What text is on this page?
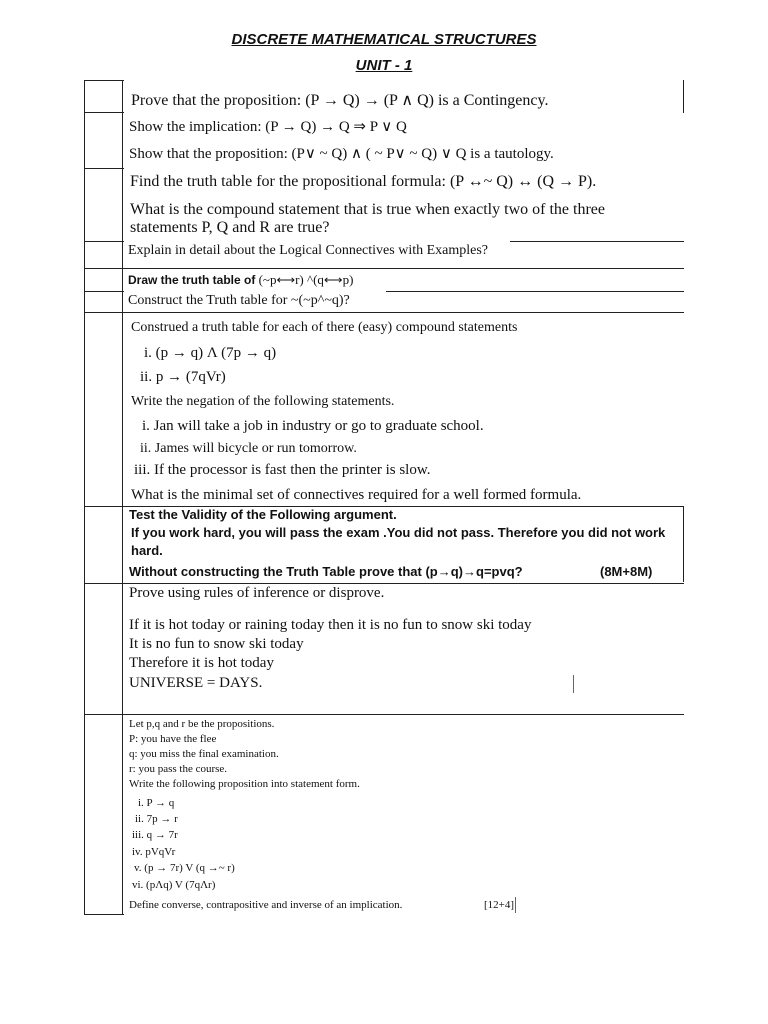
DISCRETE MATHEMATICAL STRUCTURES
UNIT - 1
Prove that the proposition: (P → Q) → (P ∧ Q) is a Contingency.
Show the implication: (P → Q) → Q ⇒ P ∨ Q
Show that the proposition: (P∨ ~ Q) ∧ ( ~ P∨ ~ Q) ∨ Q is a tautology.
Find the truth table for the propositional formula: (P ↔~ Q) ↔ (Q → P).
What is the compound statement that is true when exactly two of the three
statements P, Q and R are true?
Explain in detail about the Logical Connectives with Examples?
Draw the truth table of (~p⟷r) ^(q⟷p)
Construct the Truth table for ~(~p^~q)?
Construed a truth table for each of there (easy) compound statements
i. (p → q) Λ (7p → q)
ii. p → (7qVr)
Write the negation of the following statements.
i. Jan will take a job in industry or go to graduate school.
ii. James will bicycle or run tomorrow.
iii. If the processor is fast then the printer is slow.
What is the minimal set of connectives required for a well formed formula.
Test the Validity of the Following argument.
If you work hard, you will pass the exam .You did not pass. Therefore you did not work
hard.
Without constructing the Truth Table prove that (p→q)→q=pvq?	(8M+8M)
Prove using rules of inference or disprove.
If it is hot today or raining today then it is no fun to snow ski today
It is no fun to snow ski today
Therefore it is hot today
UNIVERSE = DAYS.
Let p,q and r be the propositions.
P: you have the flee
q: you miss the final examination.
r: you pass the course.
Write the following proposition into statement form.
i. P → q
ii. 7p → r
iii. q → 7r
iv. pVqVr
v. (p → 7r) V (q →~ r)
vi. (pΛq) V (7qΛr)
Define converse, contrapositive and inverse of an implication.	[12+4]
